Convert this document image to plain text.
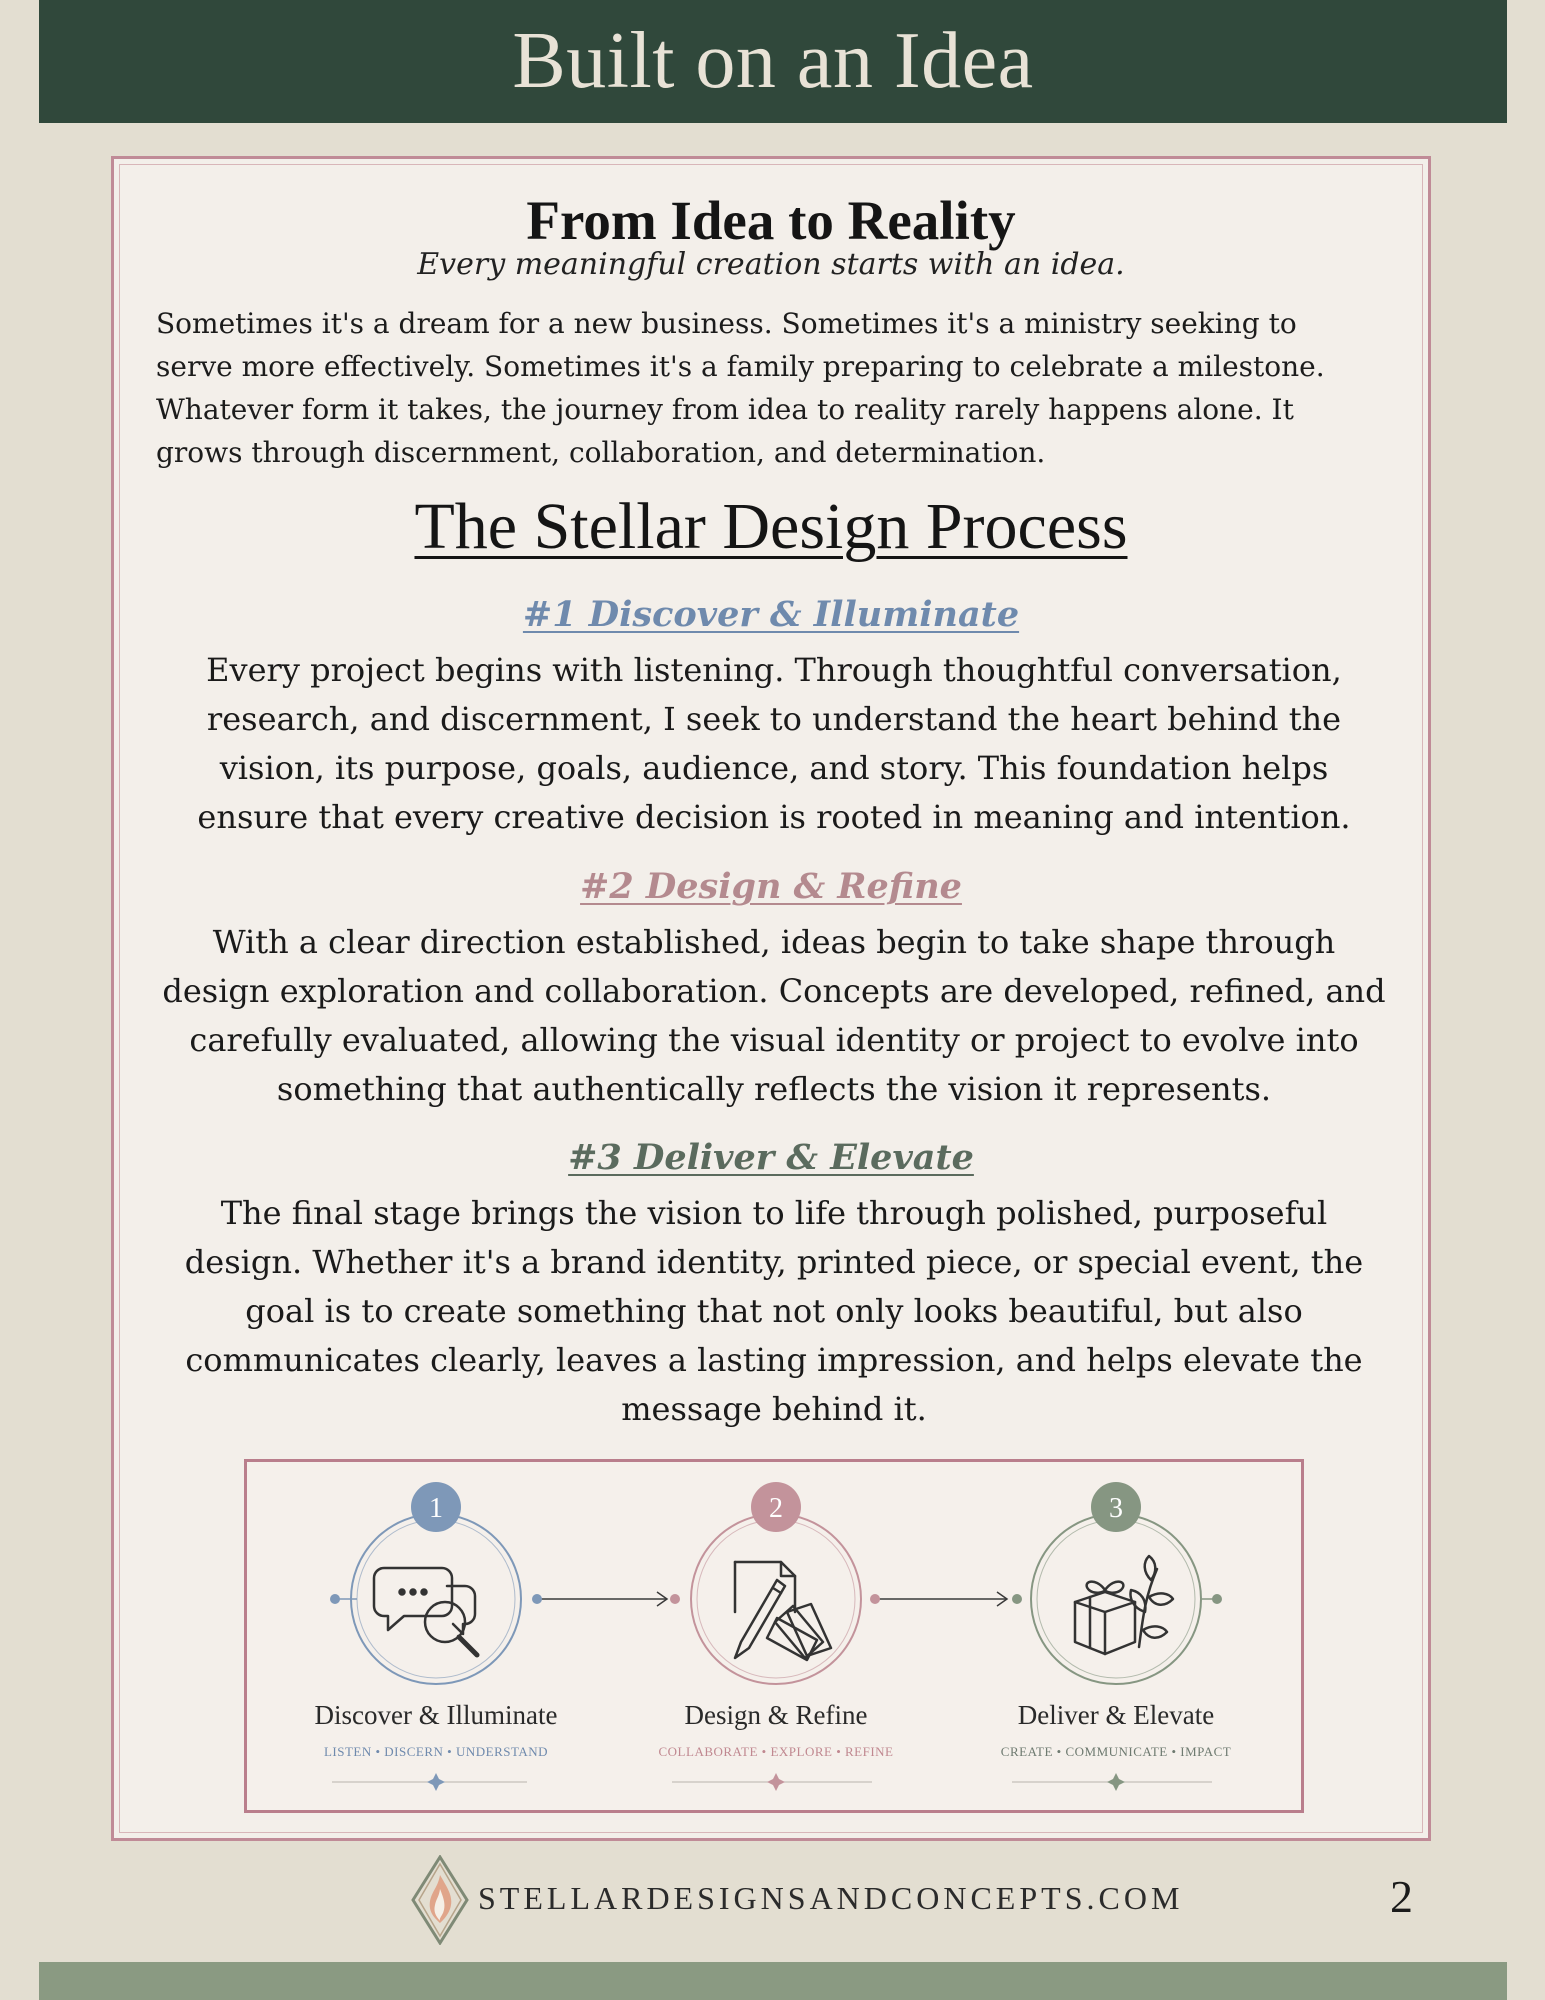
Built on an Idea
From Idea to Reality
Every meaningful creation starts with an idea.
Sometimes it's a dream for a new business. Sometimes it's a ministry seeking to
serve more effectively. Sometimes it's a family preparing to celebrate a milestone.
Whatever form it takes, the journey from idea to reality rarely happens alone. It
grows through discernment, collaboration, and determination.
The Stellar Design Process
#1 Discover & Illuminate
Every project begins with listening. Through thoughtful conversation,
research, and discernment, I seek to understand the heart behind the
vision, its purpose, goals, audience, and story. This foundation helps
ensure that every creative decision is rooted in meaning and intention.
#2 Design & Refine
With a clear direction established, ideas begin to take shape through
design exploration and collaboration. Concepts are developed, refined, and
carefully evaluated, allowing the visual identity or project to evolve into
something that authentically reflects the vision it represents.
#3 Deliver & Elevate
The final stage brings the vision to life through polished, purposeful
design. Whether it's a brand identity, printed piece, or special event, the
goal is to create something that not only looks beautiful, but also
communicates clearly, leaves a lasting impression, and helps elevate the
message behind it.
1	2	3
Discover & Illuminate	Design & Refine	Deliver & Elevate
LISTEN • DISCERN • UNDERSTAND	COLLABORATE • EXPLORE • REFINE	CREATE • COMMUNICATE • IMPACT
STELLARDESIGNSANDCONCEPTS.COM	2
